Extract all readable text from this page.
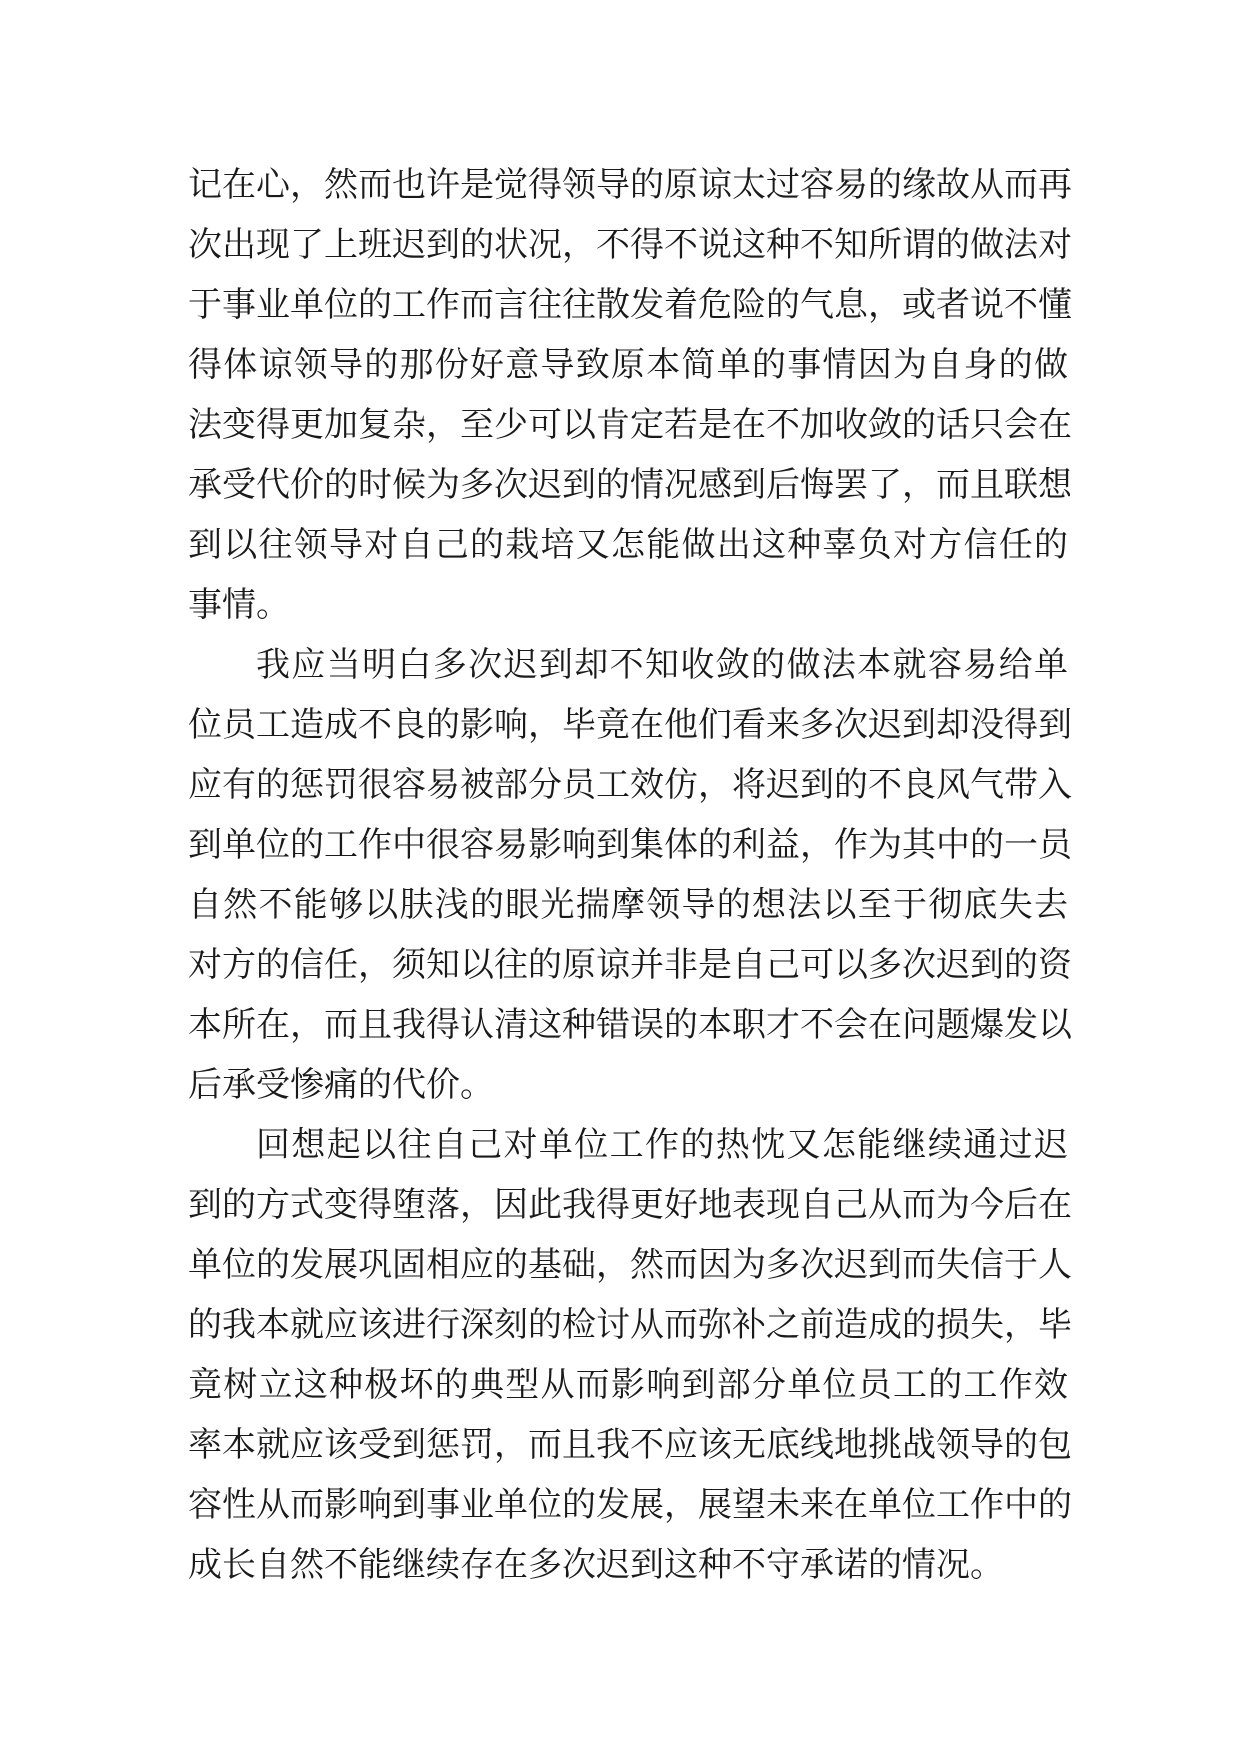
记在心，然而也许是觉得领导的原谅太过容易的缘故从而再
次出现了上班迟到的状况，不得不说这种不知所谓的做法对
于事业单位的工作而言往往散发着危险的气息，或者说不懂
得体谅领导的那份好意导致原本简单的事情因为自身的做
法变得更加复杂，至少可以肯定若是在不加收敛的话只会在
承受代价的时候为多次迟到的情况感到后悔罢了，而且联想
到以往领导对自己的栽培又怎能做出这种辜负对方信任的
事情。
我应当明白多次迟到却不知收敛的做法本就容易给单
位员工造成不良的影响，毕竟在他们看来多次迟到却没得到
应有的惩罚很容易被部分员工效仿，将迟到的不良风气带入
到单位的工作中很容易影响到集体的利益，作为其中的一员
自然不能够以肤浅的眼光揣摩领导的想法以至于彻底失去
对方的信任，须知以往的原谅并非是自己可以多次迟到的资
本所在，而且我得认清这种错误的本职才不会在问题爆发以
后承受惨痛的代价。
回想起以往自己对单位工作的热忱又怎能继续通过迟
到的方式变得堕落，因此我得更好地表现自己从而为今后在
单位的发展巩固相应的基础，然而因为多次迟到而失信于人
的我本就应该进行深刻的检讨从而弥补之前造成的损失，毕
竟树立这种极坏的典型从而影响到部分单位员工的工作效
率本就应该受到惩罚，而且我不应该无底线地挑战领导的包
容性从而影响到事业单位的发展，展望未来在单位工作中的
成长自然不能继续存在多次迟到这种不守承诺的情况。
